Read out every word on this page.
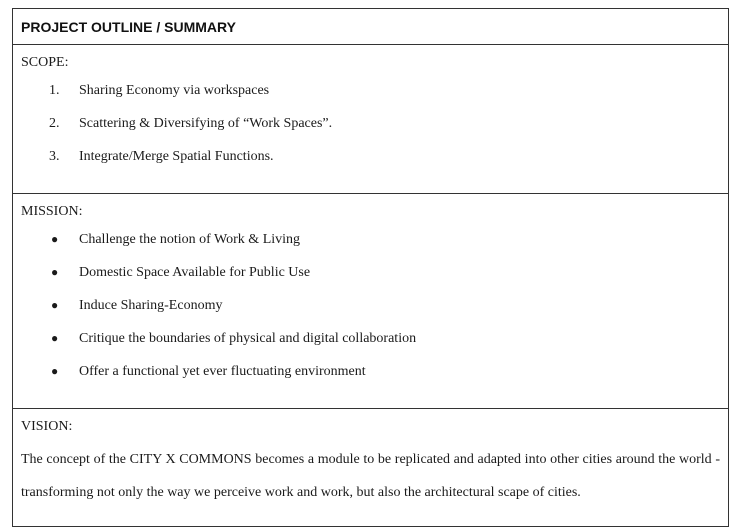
PROJECT OUTLINE / SUMMARY
SCOPE:
1. Sharing Economy via workspaces
2. Scattering & Diversifying of “Work Spaces”.
3. Integrate/Merge Spatial Functions.
MISSION:
● Challenge the notion of Work & Living
● Domestic Space Available for Public Use
● Induce Sharing-Economy
● Critique the boundaries of physical and digital collaboration
● Offer a functional yet ever fluctuating environment
VISION:
The concept of the CITY X COMMONS becomes a module to be replicated and adapted into other cities around the world - transforming not only the way we perceive work and work, but also the architectural scape of cities.
